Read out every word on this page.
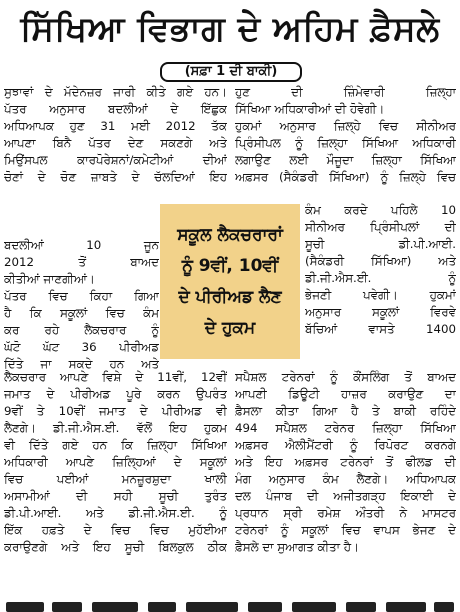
ਸਿੱਖਿਆ ਵਿਭਾਗ ਦੇ ਅਹਿਮ ਫ਼ੈਸਲੇ
(ਸਫ਼ਾ 1 ਦੀ ਬਾਕੀ)

ਸੁਝਾਵਾਂ ਦੇ ਮੱਦੇਨਜ਼ਰ ਜਾਰੀ ਕੀਤੇ ਗਏ ਹਨ।

ਪੱਤਰ ਅਨੁਸਾਰ ਬਦਲੀਆਂ ਦੇ ਇੱਛੁਕ

ਅਧਿਆਪਕ ਹੁਣ 31 ਮਈ 2012 ਤੱਕ

ਆਪਣਾ ਬਿਨੈ ਪੱਤਰ ਦੇਣ ਸਕਣਗੇ ਅਤੇ

ਮਿਉਂਸਪਲ ਕਾਰਪੋਰੇਸ਼ਨਾਂ/ਕਮੇਟੀਆਂ ਦੀਆਂ

ਚੋਣਾਂ ਦੇ ਚੋਣ ਜ਼ਾਬਤੇ ਦੇ ਚੱਲਦਿਆਂ ਇਹ

ਬਦਲੀਆਂ 10 ਜੂਨ

2012 ਤੋਂ ਬਾਅਦ

ਕੀਤੀਆਂ ਜਾਣਗੀਆਂ।

ਪੱਤਰ ਵਿਚ ਕਿਹਾ ਗਿਆ

ਹੈ ਕਿ ਸਕੂਲਾਂ ਵਿਚ ਕੰਮ

ਕਰ ਰਹੇ ਲੈਕਚਰਾਰ ਨੂੰ

ਘੱਟੋ ਘੱਟ 36 ਪੀਰੀਅਡ

ਦਿੱਤੇ ਜਾ ਸਕਦੇ ਹਨ ਅਤੇ

ਸਕੂਲ ਲੈਕਚਰਾਰਾਂ
ਨੂੰ 9ਵੀਂ, 10ਵੀਂ
ਦੇ ਪੀਰੀਅਡ ਲੈਣ
ਦੇ ਹੁਕਮ

ਹੁਣ ਦੀ ਜ਼ਿੰਮੇਵਾਰੀ ਜ਼ਿਲ੍ਹਾ

ਸਿੱਖਿਆ ਅਧਿਕਾਰੀਆਂ ਦੀ ਹੋਵੇਗੀ।

ਹੁਕਮਾਂ ਅਨੁਸਾਰ ਜ਼ਿਲ੍ਹੇ ਵਿਚ ਸੀਨੀਅਰ

ਪ੍ਰਿੰਸੀਪਲ ਨੂੰ ਜ਼ਿਲ੍ਹਾ ਸਿੱਖਿਆ ਅਧਿਕਾਰੀ

ਲਗਾਉਣ ਲਈ ਮੌਜੂਦਾ ਜ਼ਿਲ੍ਹਾ ਸਿੱਖਿਆ

ਅਫ਼ਸਰ (ਸੈਕੰਡਰੀ ਸਿੱਖਿਆ) ਨੂੰ ਜ਼ਿਲ੍ਹੇ ਵਿਚ

ਕੰਮ ਕਰਦੇ ਪਹਿਲੇ 10

ਸੀਨੀਅਰ ਪ੍ਰਿੰਸੀਪਲਾਂ ਦੀ

ਸੂਚੀ ਡੀ.ਪੀ.ਆਈ.

(ਸੈਕੰਡਰੀ ਸਿੱਖਿਆ) ਅਤੇ

ਡੀ.ਜੀ.ਐਸ.ਈ. ਨੂੰ

ਭੇਜਣੀ ਪਵੇਗੀ। ਹੁਕਮਾਂ

ਅਨੁਸਾਰ ਸਕੂਲਾਂ ਵਿਰਵੇ

ਬੱਚਿਆਂ ਵਾਸਤੇ 1400

ਲੈਕਚਰਾਰ ਆਪਣੇ ਵਿਸ਼ੇ ਦੇ 11ਵੀਂ, 12ਵੀਂ

ਜਮਾਤ ਦੇ ਪੀਰੀਅਡ ਪੂਰੇ ਕਰਨ ਉਪਰੰਤ

9ਵੀਂ ਤੇ 10ਵੀਂ ਜਮਾਤ ਦੇ ਪੀਰੀਅਡ ਵੀ

ਲੈਣਗੇ। ਡੀ.ਜੀ.ਐਸ.ਈ. ਵੱਲੋਂ ਇਹ ਹੁਕਮ

ਵੀ ਦਿੱਤੇ ਗਏ ਹਨ ਕਿ ਜ਼ਿਲ੍ਹਾ ਸਿੱਖਿਆ

ਅਧਿਕਾਰੀ ਆਪਣੇ ਜ਼ਿਲ੍ਹਿਆਂ ਦੇ ਸਕੂਲਾਂ

ਵਿਚ ਪਈਆਂ ਮਨਜ਼ੂਰਸ਼ੁਦਾ ਖਾਲੀ

ਅਸਾਮੀਆਂ ਦੀ ਸਹੀ ਸੂਚੀ ਤੁਰੰਤ

ਡੀ.ਪੀ.ਆਈ. ਅਤੇ ਡੀ.ਜੀ.ਐਸ.ਈ. ਨੂੰ

ਇੱਕ ਹਫ਼ਤੇ ਦੇ ਵਿਚ ਵਿਚ ਮੁਹੱਈਆ

ਕਰਾਉਣਗੇ ਅਤੇ ਇਹ ਸੂਚੀ ਬਿਲਕੁਲ ਠੀਕ

ਸਪੈਸ਼ਲ ਟਰੇਨਰਾਂ ਨੂੰ ਕੌਂਸਲਿੰਗ ਤੋਂ ਬਾਅਦ

ਆਪਣੀ ਡਿਊਟੀ ਹਾਜ਼ਰ ਕਰਾਉਣ ਦਾ

ਫ਼ੈਸਲਾ ਕੀਤਾ ਗਿਆ ਹੈ ਤੇ ਬਾਕੀ ਰਹਿੰਦੇ

494 ਸਪੈਸ਼ਲ ਟਰੇਨਰ ਜ਼ਿਲ੍ਹਾ ਸਿੱਖਿਆ

ਅਫ਼ਸਰ ਐਲੀਮੈਂਟਰੀ ਨੂੰ ਰਿਪੋਰਟ ਕਰਨਗੇ

ਅਤੇ ਇਹ ਅਫ਼ਸਰ ਟਰੇਨਰਾਂ ਤੋਂ ਫੀਲਡ ਦੀ

ਮੰਗ ਅਨੁਸਾਰ ਕੰਮ ਲੈਣਗੇ। ਅਧਿਆਪਕ

ਦਲ ਪੰਜਾਬ ਦੀ ਅਜੀਤਗੜ੍ਹ ਇਕਾਈ ਦੇ

ਪ੍ਰਧਾਨ ਸ੍ਰੀ ਰਮੇਸ਼ ਔਤਰੀ ਨੇ ਮਾਸਟਰ

ਟਰੇਨਰਾਂ ਨੂੰ ਸਕੂਲਾਂ ਵਿਚ ਵਾਪਸ ਭੇਜਣ ਦੇ

ਫ਼ੈਸਲੇ ਦਾ ਸੁਆਗਤ ਕੀਤਾ ਹੈ।
